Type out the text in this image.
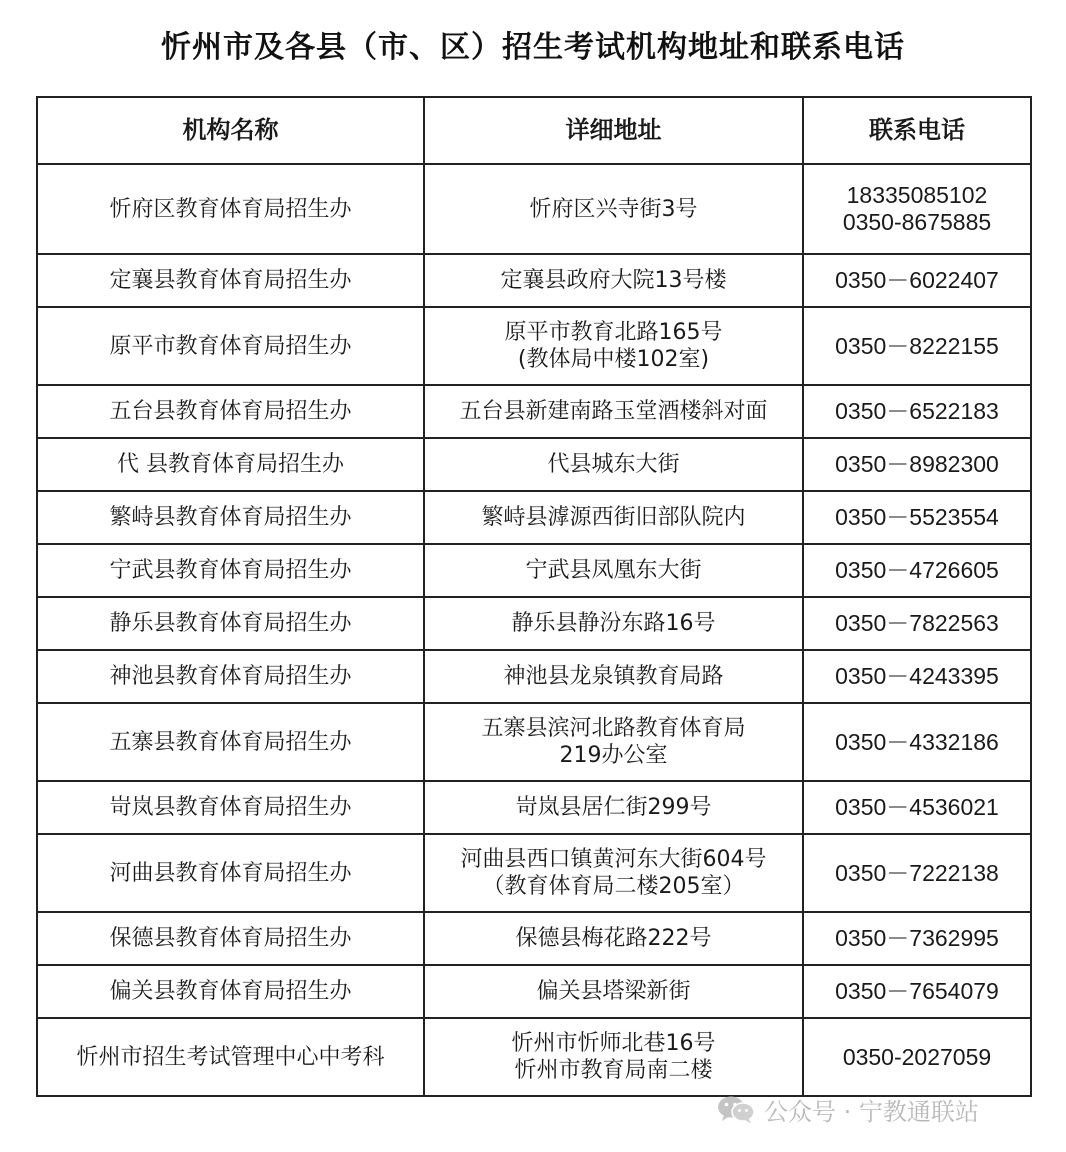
忻州市及各县（市、区）招生考试机构地址和联系电话
机构名称	详细地址	联系电话
忻府区教育体育局招生办	忻府区兴寺街3号	18335085102
0350-8675885

定襄县教育体育局招生办	定襄县政府大院13号楼	0350－6022407

原平市教育体育局招生办	原平市教育北路165号
(教体局中楼102室)	0350－8222155

五台县教育体育局招生办	五台县新建南路玉堂酒楼斜对面	0350－6522183

代 县教育体育局招生办	代县城东大街	0350－8982300

繁峙县教育体育局招生办	繁峙县滹源西街旧部队院内	0350－5523554

宁武县教育体育局招生办	宁武县凤凰东大街	0350－4726605

静乐县教育体育局招生办	静乐县静汾东路16号	0350－7822563

神池县教育体育局招生办	神池县龙泉镇教育局路	0350－4243395

五寨县教育体育局招生办	五寨县滨河北路教育体育局
219办公室	0350－4332186

岢岚县教育体育局招生办	岢岚县居仁街299号	0350－4536021

河曲县教育体育局招生办	河曲县西口镇黄河东大街604号
（教育体育局二楼205室）	0350－7222138

保德县教育体育局招生办	保德县梅花路222号	0350－7362995

偏关县教育体育局招生办	偏关县塔梁新街	0350－7654079

忻州市招生考试管理中心中考科	忻州市忻师北巷16号
忻州市教育局南二楼	0350-2027059
公众号 · 宁教通联站
